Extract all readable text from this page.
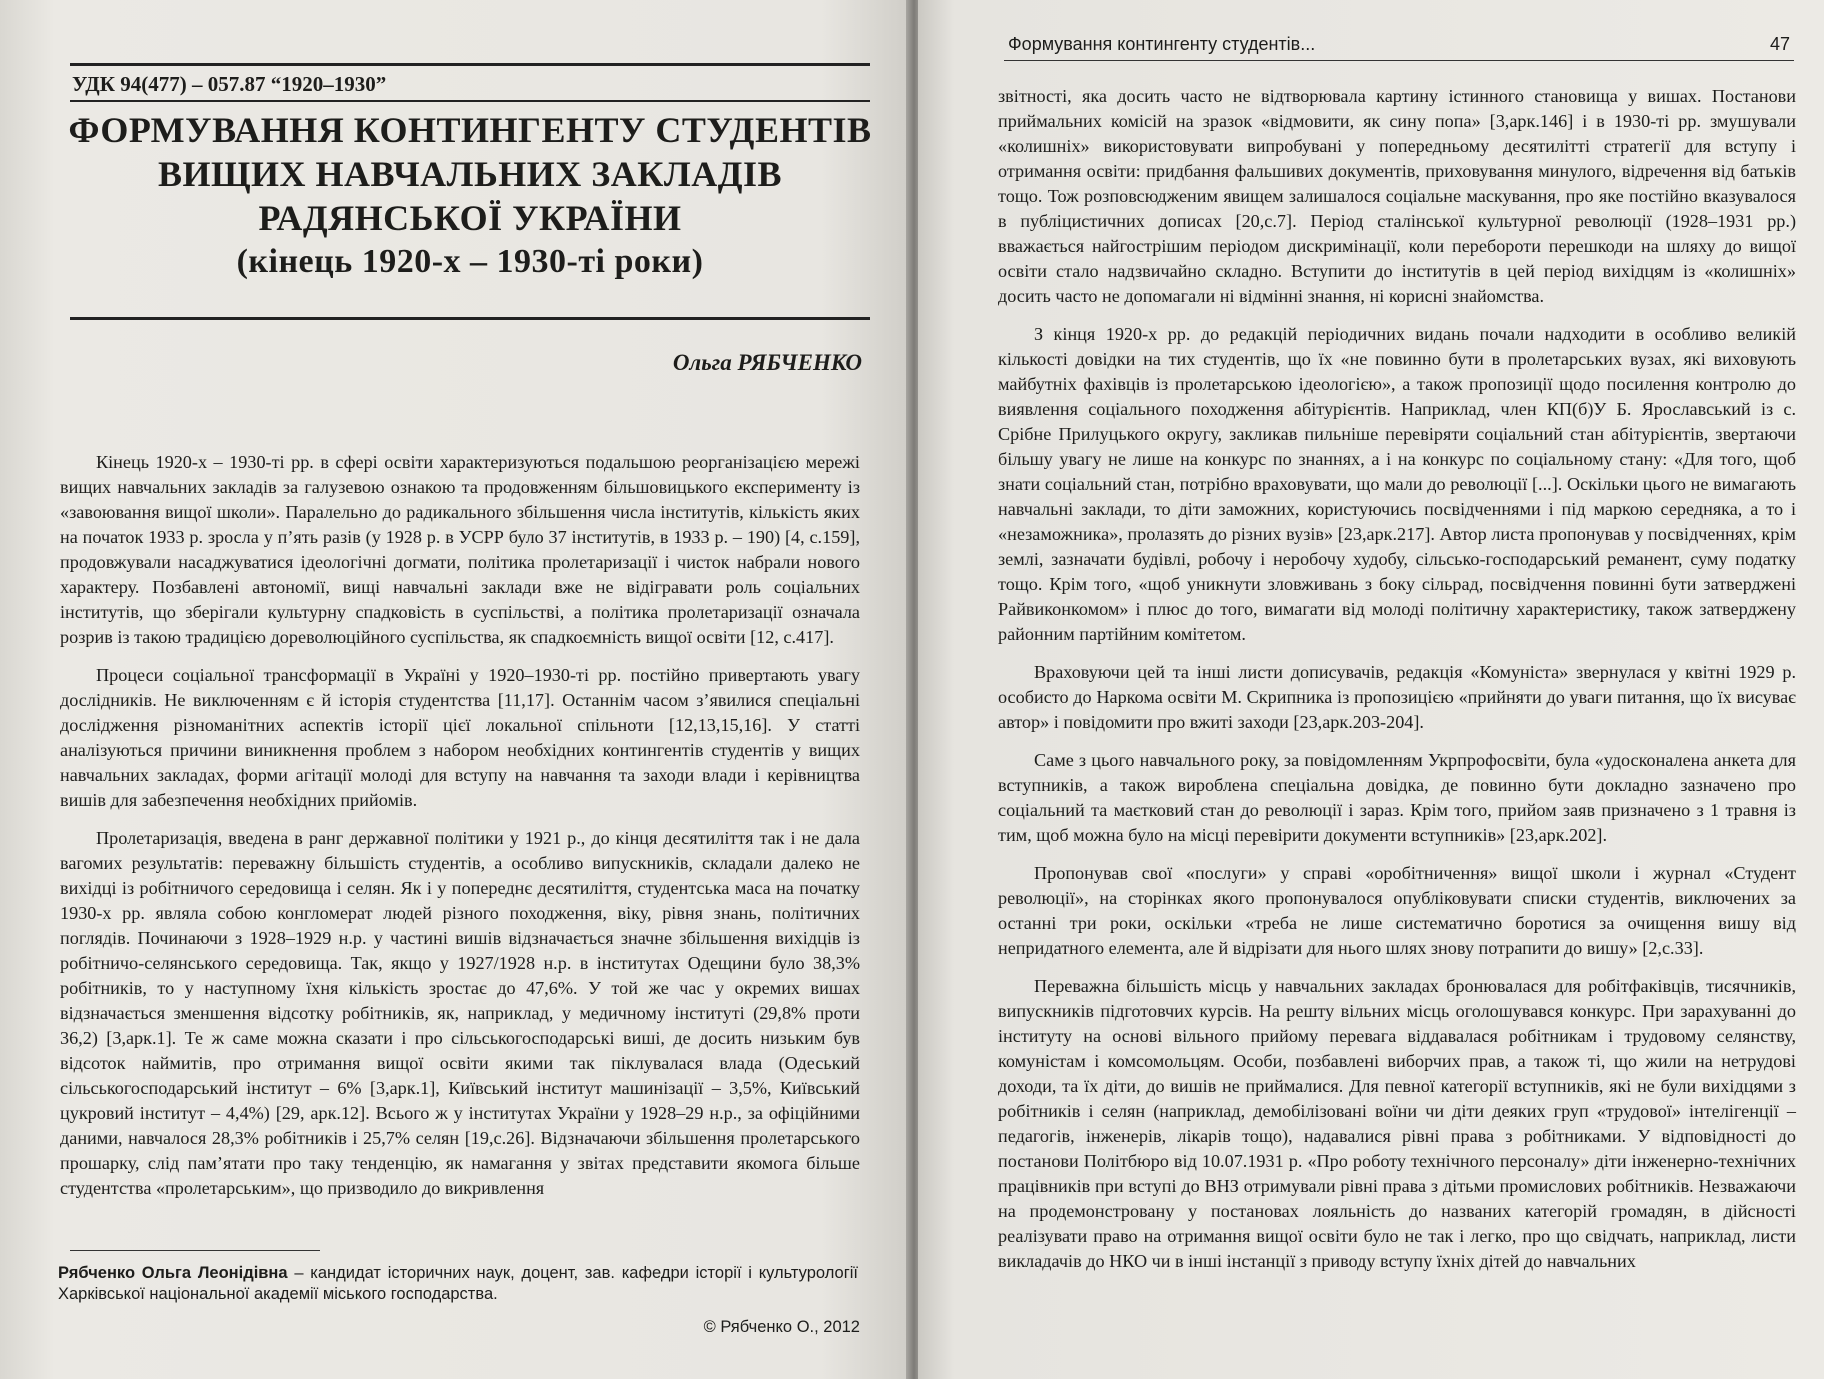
УДК 94(477) – 057.87 “1920–1930”
ФОРМУВАННЯ КОНТИНГЕНТУ СТУДЕНТІВ
ВИЩИХ НАВЧАЛЬНИХ ЗАКЛАДІВ
РАДЯНСЬКОЇ УКРАЇНИ
(кінець 1920-х – 1930-ті роки)
Ольга РЯБЧЕНКО

Кінець 1920-х – 1930-ті рр. в сфері освіти характеризуються подальшою реорганізацією мережі вищих навчальних закладів за галузевою ознакою та продовженням більшовицького експерименту із «завоювання вищої школи». Паралельно до радикального збільшення числа інститутів, кількість яких на початок 1933 р. зросла у п’ять разів (у 1928 р. в УСРР було 37 інститутів, в 1933 р. – 190) [4, с.159], продовжували насаджуватися ідеологічні догмати, політика пролетаризації і чисток набрали нового характеру. Позбавлені автономії, вищі навчальні заклади вже не відігравати роль соціальних інститутів, що зберігали культурну спадковість в суспільстві, а політика пролетаризації означала розрив із такою традицією дореволюційного суспільства, як спадкоємність вищої освіти [12, с.417].

Процеси соціальної трансформації в Україні у 1920–1930-ті рр. постійно привертають увагу дослідників. Не виключенням є й історія студентства [11,17]. Останнім часом з’явилися спеціальні дослідження різноманітних аспектів історії цієї локальної спільноти [12,13,15,16]. У статті аналізуються причини виникнення проблем з набором необхідних контингентів студентів у вищих навчальних закладах, форми агітації молоді для вступу на навчання та заходи влади і керівництва вишів для забезпечення необхідних прийомів.

Пролетаризація, введена в ранг державної політики у 1921 р., до кінця десятиліття так і не дала вагомих результатів: переважну більшість студентів, а особливо випускників, складали далеко не вихідці із робітничого середовища і селян. Як і у попереднє десятиліття, студентська маса на початку 1930-х рр. являла собою конгломерат людей різного походження, віку, рівня знань, політичних поглядів. Починаючи з 1928–1929 н.р. у частині вишів відзначається значне збільшення вихідців із робітничо-селянського середовища. Так, якщо у 1927/1928 н.р. в інститутах Одещини було 38,3% робітників, то у наступному їхня кількість зростає до 47,6%. У той же час у окремих вишах відзначається зменшення відсотку робітників, як, наприклад, у медичному інституті (29,8% проти 36,2) [3,арк.1]. Те ж саме можна сказати і про сільськогосподарські виші, де досить низьким був відсоток наймитів, про отримання вищої освіти якими так піклувалася влада (Одеський сільськогосподарський інститут – 6% [3,арк.1], Київський інститут машинізації – 3,5%, Київський цукровий інститут – 4,4%) [29, арк.12]. Всього ж у інститутах України у 1928–29 н.р., за офіційними даними, навчалося 28,3% робітників і 25,7% селян [19,с.26]. Відзначаючи збільшення пролетарського прошарку, слід пам’ятати про таку тенденцію, як намагання у звітах представити якомога більше студентства «пролетарським», що призводило до викривлення

Рябченко Ольга Леонідівна – кандидат історичних наук, доцент, зав. кафедри історії і культурології Харківської національної академії міського господарства.
© Рябченко О., 2012
Формування контингенту студентів...	47

звітності, яка досить часто не відтворювала картину істинного становища у вишах. Постанови приймальних комісій на зразок «відмовити, як сину попа» [3,арк.146] і в 1930-ті рр. змушували «колишніх» використовувати випробувані у попередньому десятилітті стратегії для вступу і отримання освіти: придбання фальшивих документів, приховування минулого, відречення від батьків тощо. Тож розповсюдженим явищем залишалося соціальне маскування, про яке постійно вказувалося в публіцистичних дописах [20,с.7]. Період сталінської культурної революції (1928–1931 рр.) вважається найгострішим періодом дискримінації, коли перебороти перешкоди на шляху до вищої освіти стало надзвичайно складно. Вступити до інститутів в цей період вихідцям із «колишніх» досить часто не допомагали ні відмінні знання, ні корисні знайомства.

З кінця 1920-х рр. до редакцій періодичних видань почали надходити в особливо великій кількості довідки на тих студентів, що їх «не повинно бути в пролетарських вузах, які виховують майбутніх фахівців із пролетарською ідеологією», а також пропозиції щодо посилення контролю до виявлення соціального походження абітурієнтів. Наприклад, член КП(б)У Б. Ярославський із с. Срібне Прилуцького округу, закликав пильніше перевіряти соціальний стан абітурієнтів, звертаючи більшу увагу не лише на конкурс по знаннях, а і на конкурс по соціальному стану: «Для того, щоб знати соціальний стан, потрібно враховувати, що мали до революції [...]. Оскільки цього не вимагають навчальні заклади, то діти заможних, користуючись посвідченнями і під маркою середняка, а то і «незаможника», пролазять до різних вузів» [23,арк.217]. Автор листа пропонував у посвідченнях, крім землі, зазначати будівлі, робочу і неробочу худобу, сільсько-господарський реманент, суму податку тощо. Крім того, «щоб уникнути зловживань з боку сільрад, посвідчення повинні бути затверджені Райвиконкомом» і плюс до того, вимагати від молоді політичну характеристику, також затверджену районним партійним комітетом.

Враховуючи цей та інші листи дописувачів, редакція «Комуніста» звернулася у квітні 1929 р. особисто до Наркома освіти М. Скрипника із пропозицією «прийняти до уваги питання, що їх висуває автор» і повідомити про вжиті заходи [23,арк.203-204].

Саме з цього навчального року, за повідомленням Укрпрофосвіти, була «удосконалена анкета для вступників, а також вироблена спеціальна довідка, де повинно бути докладно зазначено про соціальний та маєтковий стан до революції і зараз. Крім того, прийом заяв призначено з 1 травня із тим, щоб можна було на місці перевірити документи вступників» [23,арк.202].

Пропонував свої «послуги» у справі «оробітничення» вищої школи і журнал «Студент революції», на сторінках якого пропонувалося опубліковувати списки студентів, виключених за останні три роки, оскільки «треба не лише систематично боротися за очищення вишу від непридатного елемента, але й відрізати для нього шлях знову потрапити до вишу» [2,с.33].

Переважна більшість місць у навчальних закладах бронювалася для робітфаківців, тисячників, випускників підготовчих курсів. На решту вільних місць оголошувався конкурс. При зарахуванні до інституту на основі вільного прийому перевага віддавалася робітникам і трудовому селянству, комуністам і комсомольцям. Особи, позбавлені виборчих прав, а також ті, що жили на нетрудові доходи, та їх діти, до вишів не приймалися. Для певної категорії вступників, які не були вихідцями з робітників і селян (наприклад, демобілізовані воїни чи діти деяких груп «трудової» інтелігенції – педагогів, інженерів, лікарів тощо), надавалися рівні права з робітниками. У відповідності до постанови Політбюро від 10.07.1931 р. «Про роботу технічного персоналу» діти інженерно-технічних працівників при вступі до ВНЗ отримували рівні права з дітьми промислових робітників. Незважаючи на продемонстровану у постановах лояльність до названих категорій громадян, в дійсності реалізувати право на отримання вищої освіти було не так і легко, про що свідчать, наприклад, листи викладачів до НКО чи в інші інстанції з приводу вступу їхніх дітей до навчальних
